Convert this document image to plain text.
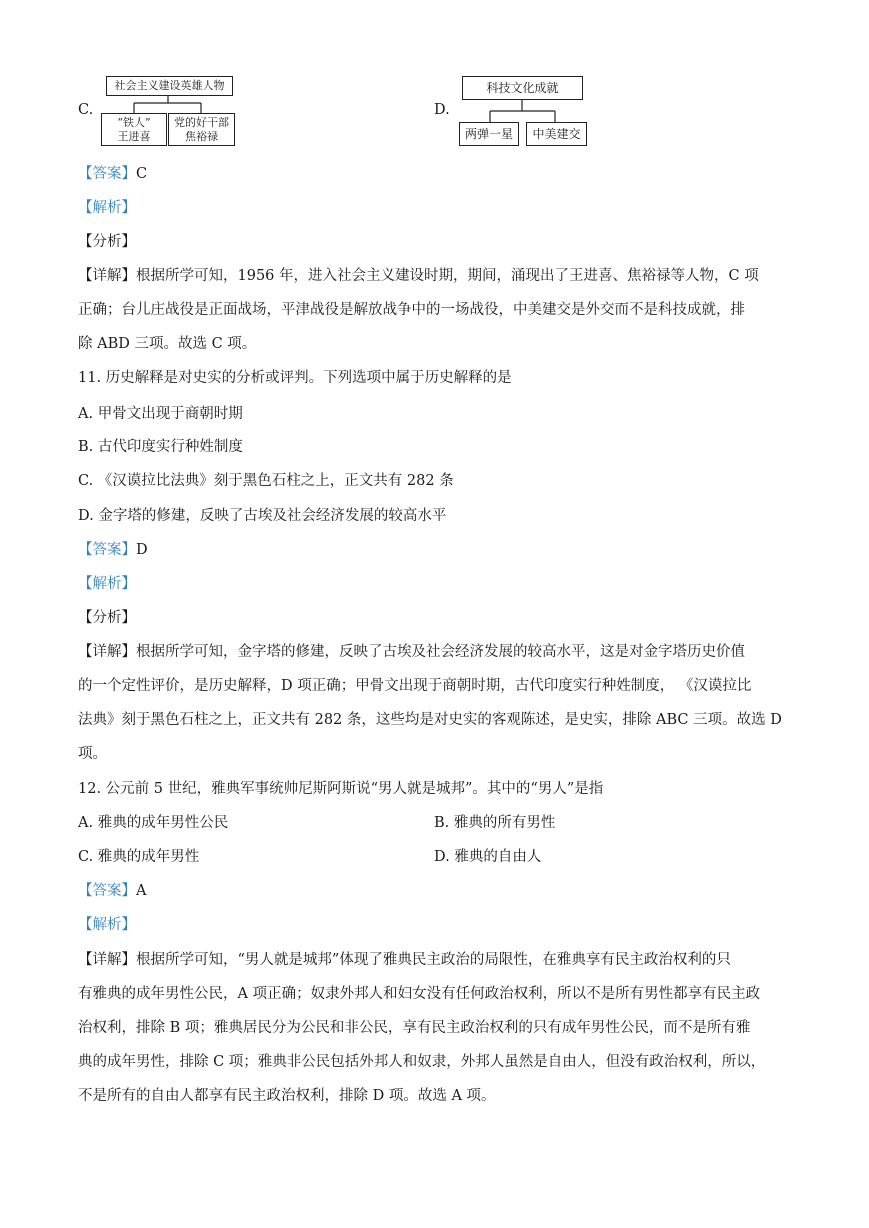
C.
社会主义建设英雄人物
“铁人”
王进喜
党的好干部
焦裕禄
D.
科技文化成就
两弹一星	中美建交
【答案】C
【解析】
【分析】
【详解】根据所学可知，1956 年，进入社会主义建设时期，期间，涌现出了王进喜、焦裕禄等人物，C 项
正确；台儿庄战役是正面战场，平津战役是解放战争中的一场战役，中美建交是外交而不是科技成就，排
除 ABD 三项。故选 C 项。
11. 历史解释是对史实的分析或评判。下列选项中属于历史解释的是
A. 甲骨文出现于商朝时期
B. 古代印度实行种姓制度
C. 《汉谟拉比法典》刻于黑色石柱之上，正文共有 282 条
D. 金字塔的修建，反映了古埃及社会经济发展的较高水平
【答案】D
【解析】
【分析】
【详解】根据所学可知，金字塔的修建，反映了古埃及社会经济发展的较高水平，这是对金字塔历史价值
的一个定性评价，是历史解释，D 项正确；甲骨文出现于商朝时期，古代印度实行种姓制度， 《汉谟拉比
法典》刻于黑色石柱之上，正文共有 282 条，这些均是对史实的客观陈述，是史实，排除 ABC 三项。故选 D
项。
12. 公元前 5 世纪，雅典军事统帅尼斯阿斯说“男人就是城邦”。其中的“男人”是指
A. 雅典的成年男性公民	B. 雅典的所有男性
C. 雅典的成年男性	D. 雅典的自由人
【答案】A
【解析】
【详解】根据所学可知，“男人就是城邦”体现了雅典民主政治的局限性，在雅典享有民主政治权利的只
有雅典的成年男性公民，A 项正确；奴隶外邦人和妇女没有任何政治权利，所以不是所有男性都享有民主政
治权利，排除 B 项；雅典居民分为公民和非公民，享有民主政治权利的只有成年男性公民，而不是所有雅
典的成年男性，排除 C 项；雅典非公民包括外邦人和奴隶，外邦人虽然是自由人，但没有政治权利，所以，
不是所有的自由人都享有民主政治权利，排除 D 项。故选 A 项。
